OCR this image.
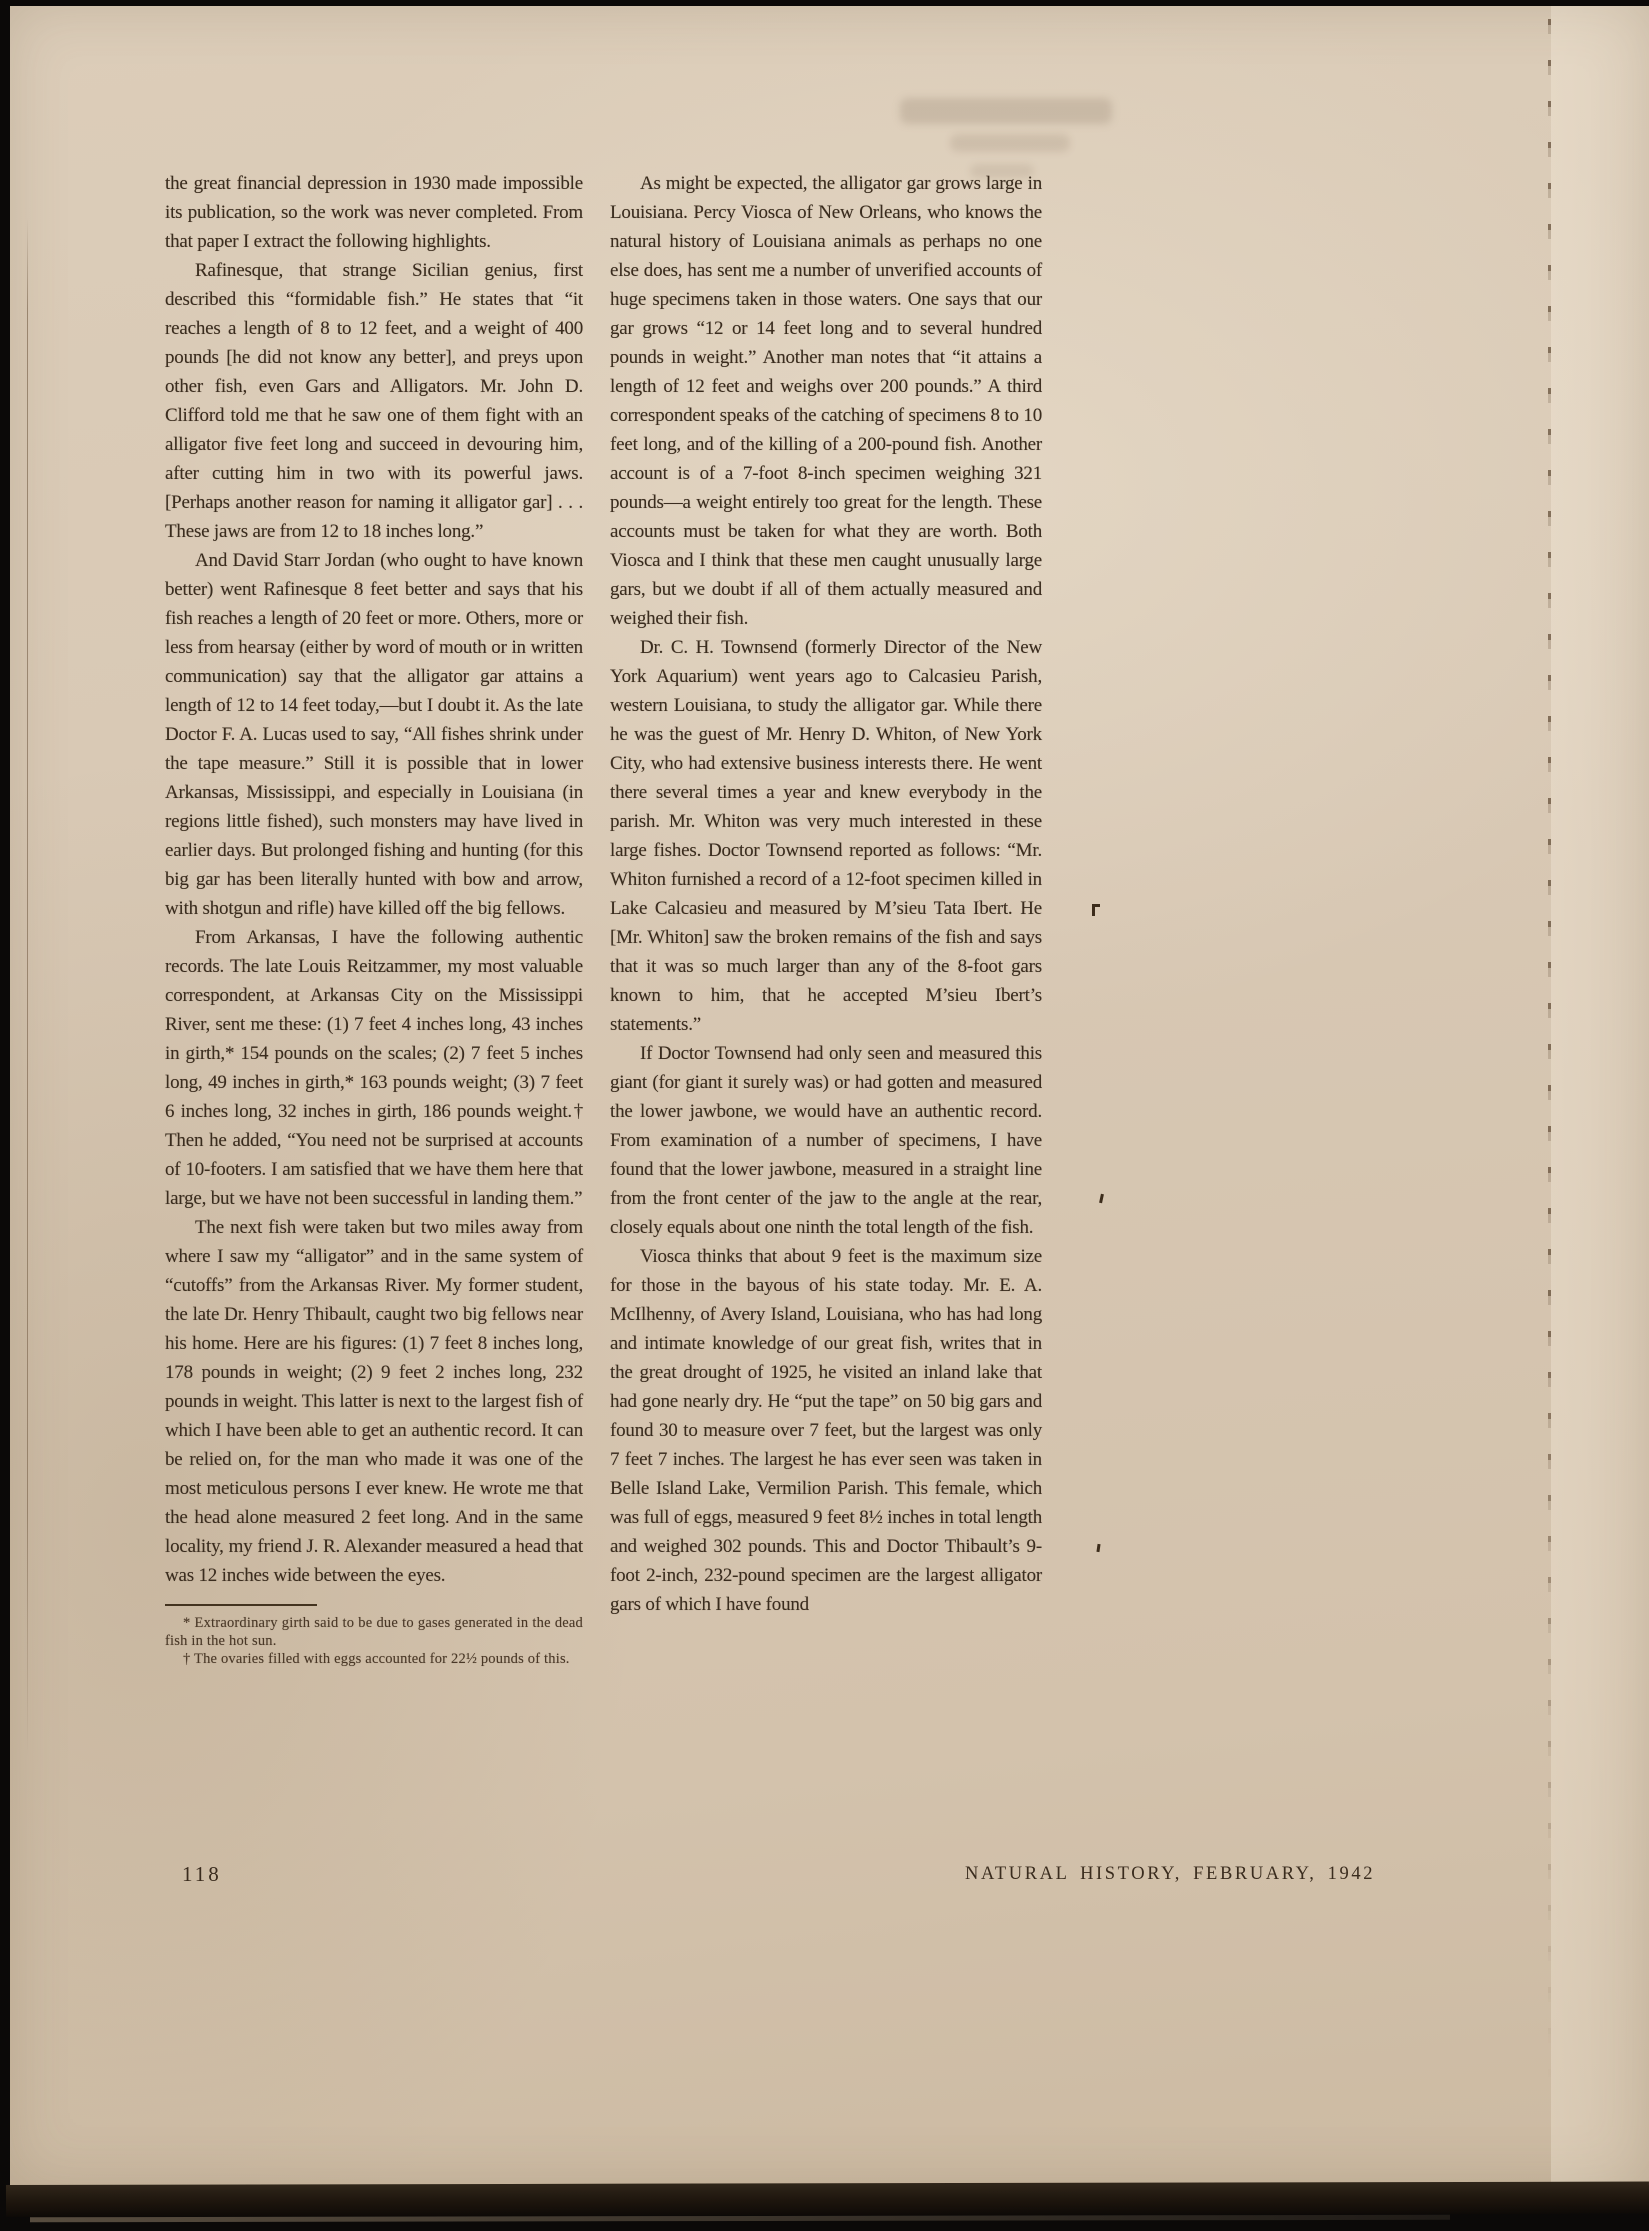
the great financial depression in 1930 made impossible its publication, so the work was never completed. From that paper I extract the following highlights.

Rafinesque, that strange Sicilian genius, first described this “formidable fish.” He states that “it reaches a length of 8 to 12 feet, and a weight of 400 pounds [he did not know any better], and preys upon other fish, even Gars and Alligators. Mr. John D. Clifford told me that he saw one of them fight with an alligator five feet long and succeed in devouring him, after cutting him in two with its powerful jaws. [Perhaps another reason for naming it alligator gar] . . . These jaws are from 12 to 18 inches long.”

And David Starr Jordan (who ought to have known better) went Rafinesque 8 feet better and says that his fish reaches a length of 20 feet or more. Others, more or less from hearsay (either by word of mouth or in written communication) say that the alligator gar attains a length of 12 to 14 feet today,—but I doubt it. As the late Doctor F. A. Lucas used to say, “All fishes shrink under the tape measure.” Still it is possible that in lower Arkansas, Mississippi, and especially in Louisiana (in regions little fished), such monsters may have lived in earlier days. But prolonged fishing and hunting (for this big gar has been literally hunted with bow and arrow, with shotgun and rifle) have killed off the big fellows.

From Arkansas, I have the following authentic records. The late Louis Reitzammer, my most valuable correspondent, at Arkansas City on the Mississippi River, sent me these: (1) 7 feet 4 inches long, 43 inches in girth,* 154 pounds on the scales; (2) 7 feet 5 inches long, 49 inches in girth,* 163 pounds weight; (3) 7 feet 6 inches long, 32 inches in girth, 186 pounds weight.† Then he added, “You need not be surprised at accounts of 10-footers. I am satisfied that we have them here that large, but we have not been successful in landing them.”

The next fish were taken but two miles away from where I saw my “alligator” and in the same system of “cutoffs” from the Arkansas River. My former student, the late Dr. Henry Thibault, caught two big fellows near his home. Here are his figures: (1) 7 feet 8 inches long, 178 pounds in weight; (2) 9 feet 2 inches long, 232 pounds in weight. This latter is next to the largest fish of which I have been able to get an authentic record. It can be relied on, for the man who made it was one of the most meticulous persons I ever knew. He wrote me that the head alone measured 2 feet long. And in the same locality, my friend J. R. Alexander measured a head that was 12 inches wide between the eyes.

* Extraordinary girth said to be due to gases generated in the dead fish in the hot sun.

† The ovaries filled with eggs accounted for 22½ pounds of this.

As might be expected, the alligator gar grows large in Louisiana. Percy Viosca of New Orleans, who knows the natural history of Louisiana animals as perhaps no one else does, has sent me a number of unverified accounts of huge specimens taken in those waters. One says that our gar grows “12 or 14 feet long and to several hundred pounds in weight.” Another man notes that “it attains a length of 12 feet and weighs over 200 pounds.” A third correspondent speaks of the catching of specimens 8 to 10 feet long, and of the killing of a 200-pound fish. Another account is of a 7-foot 8-inch specimen weighing 321 pounds—a weight entirely too great for the length. These accounts must be taken for what they are worth. Both Viosca and I think that these men caught unusually large gars, but we doubt if all of them actually measured and weighed their fish.

Dr. C. H. Townsend (formerly Director of the New York Aquarium) went years ago to Calcasieu Parish, western Louisiana, to study the alligator gar. While there he was the guest of Mr. Henry D. Whiton, of New York City, who had extensive business interests there. He went there several times a year and knew everybody in the parish. Mr. Whiton was very much interested in these large fishes. Doctor Townsend reported as follows: “Mr. Whiton furnished a record of a 12-foot specimen killed in Lake Calcasieu and measured by M’sieu Tata Ibert. He [Mr. Whiton] saw the broken remains of the fish and says that it was so much larger than any of the 8-foot gars known to him, that he accepted M’sieu Ibert’s statements.”

If Doctor Townsend had only seen and measured this giant (for giant it surely was) or had gotten and measured the lower jawbone, we would have an authentic record. From examination of a number of specimens, I have found that the lower jawbone, measured in a straight line from the front center of the jaw to the angle at the rear, closely equals about one ninth the total length of the fish.

Viosca thinks that about 9 feet is the maximum size for those in the bayous of his state today. Mr. E. A. McIlhenny, of Avery Island, Louisiana, who has had long and intimate knowledge of our great fish, writes that in the great drought of 1925, he visited an inland lake that had gone nearly dry. He “put the tape” on 50 big gars and found 30 to measure over 7 feet, but the largest was only 7 feet 7 inches. The largest he has ever seen was taken in Belle Island Lake, Vermilion Parish. This female, which was full of eggs, measured 9 feet 8½ inches in total length and weighed 302 pounds. This and Doctor Thibault’s 9-foot 2-inch, 232-pound specimen are the largest alligator gars of which I have found

118	NATURAL HISTORY, FEBRUARY, 1942
